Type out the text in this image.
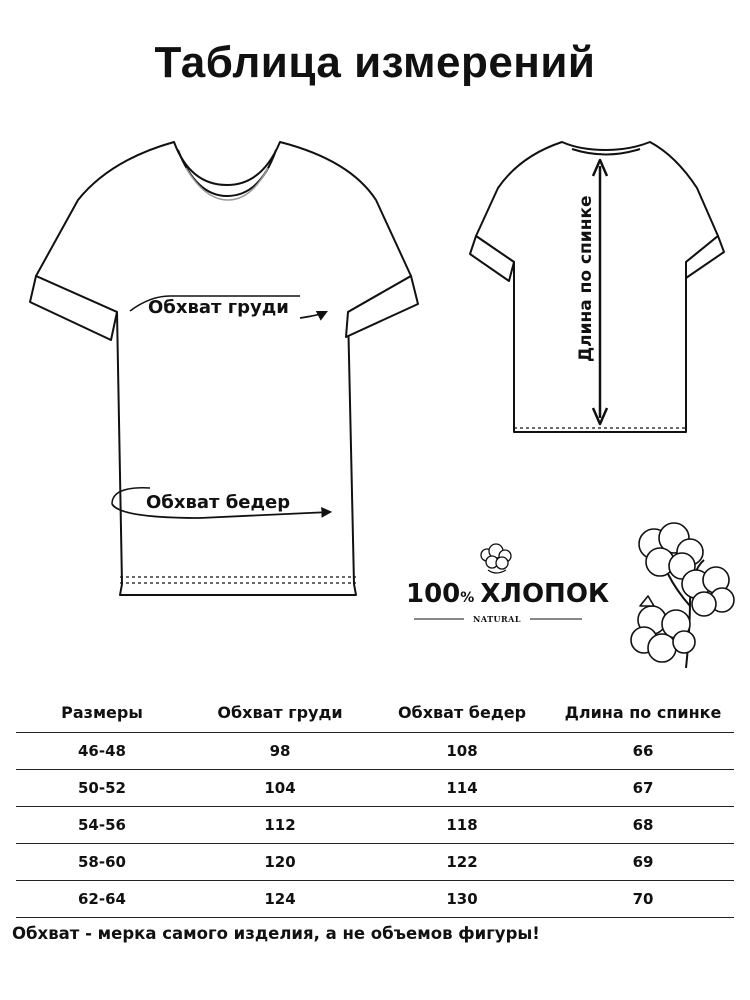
Таблица измерений
Обхват груди
Обхват бедер
Длина по спинке
100% ХЛОПОК
NATURAL
Размеры	Обхват груди	Обхват бедер	Длина по спинке
46-48	98	108	66
50-52	104	114	67
54-56	112	118	68
58-60	120	122	69
62-64	124	130	70
Обхват - мерка самого изделия, а не объемов фигуры!
